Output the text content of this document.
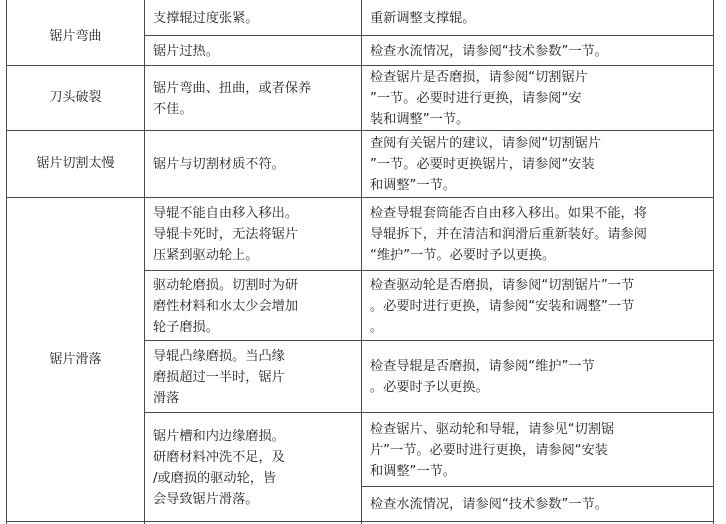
锯片弯曲
刀头破裂
锯片切割太慢
锯片滑落
支撑辊过度张紧。
锯片过热。
锯片弯曲、扭曲，或者保养
不佳。
锯片与切割材质不符。
导辊不能自由移入移出。
导辊卡死时，无法将锯片
压紧到驱动轮上。
驱动轮磨损。切割时为研
磨性材料和水太少会增加
轮子磨损。
导辊凸缘磨损。当凸缘
磨损超过一半时，锯片
滑落
锯片槽和内边缘磨损。
研磨材料冲洗不足，及
/或磨损的驱动轮，皆
会导致锯片滑落。
重新调整支撑辊。
检查水流情况，请参阅“技术参数”一节。
检查锯片是否磨损，请参阅“切割锯片
”一节。必要时进行更换，请参阅“安
装和调整”一节。
查阅有关锯片的建议，请参阅“切割锯片
”一节。必要时更换锯片，请参阅“安装
和调整”一节。
检查导辊套筒能否自由移入移出。如果不能，将
导辊拆下，并在清洁和润滑后重新装好。请参阅
“维护”一节。必要时予以更换。
检查驱动轮是否磨损，请参阅“切割锯片”一节
。必要时进行更换，请参阅“安装和调整”一节
。
检查导辊是否磨损，请参阅“维护”一节
。必要时予以更换。
检查锯片、驱动轮和导辊，请参见“切割锯
片”一节。必要时进行更换，请参阅“安装
和调整”一节。
检查水流情况，请参阅“技术参数”一节。
